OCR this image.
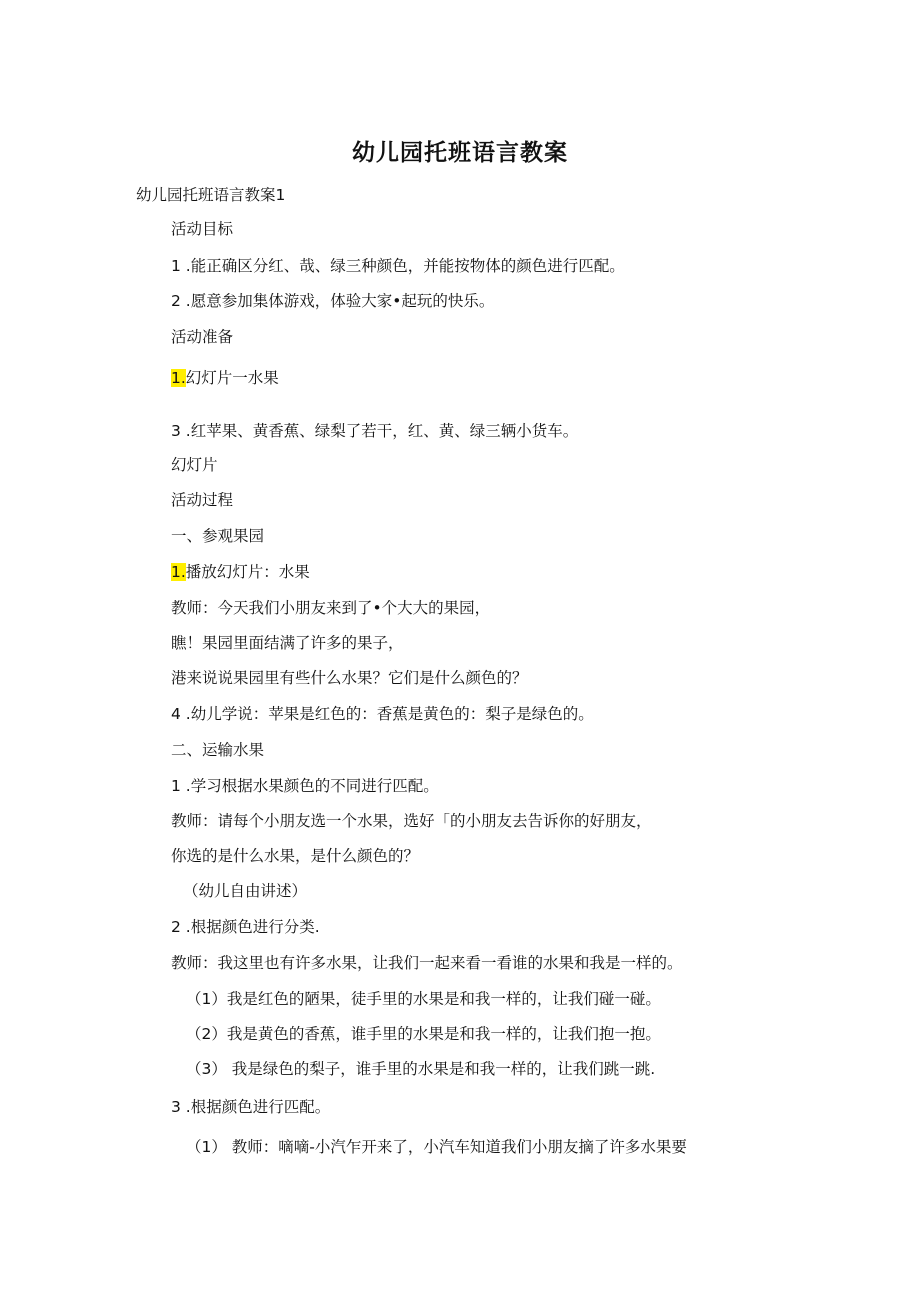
幼儿园托班语言教案
幼儿园托班语言教案1
活动目标
1 .能正确区分红、哉、绿三种颜色，并能按物体的颜色进行匹配。
2 .愿意参加集体游戏，体验大家•起玩的快乐。
活动准备
1.幻灯片一水果
3 .红苹果、黄香蕉、绿梨了若干，红、黄、绿三辆小货车。
幻灯片
活动过程
一、参观果园
1.播放幻灯片：水果
教师：今天我们小朋友来到了•个大大的果园，
瞧！果园里面结满了许多的果子，
港来说说果园里有些什么水果？它们是什么颜色的？
4 .幼儿学说：苹果是红色的：香蕉是黄色的：梨子是绿色的。
二、运输水果
1 .学习根据水果颜色的不同进行匹配。
教师：请每个小朋友选一个水果，选好「的小朋友去告诉你的好朋友，
你选的是什么水果，是什么颜色的？
（幼儿自由讲述）
2 .根据颜色进行分类.
教师：我这里也有许多水果，让我们一起来看一看谁的水果和我是一样的。
（1）我是红色的陋果，徒手里的水果是和我一样的，让我们碰一碰。
（2）我是黄色的香蕉，谁手里的水果是和我一样的，让我们抱一抱。
（3） 我是绿色的梨子，谁手里的水果是和我一样的，让我们跳一跳.
3 .根据颜色进行匹配。
（1） 教师：嘀嘀-小汽乍开来了，小汽车知道我们小朋友摘了许多水果要
